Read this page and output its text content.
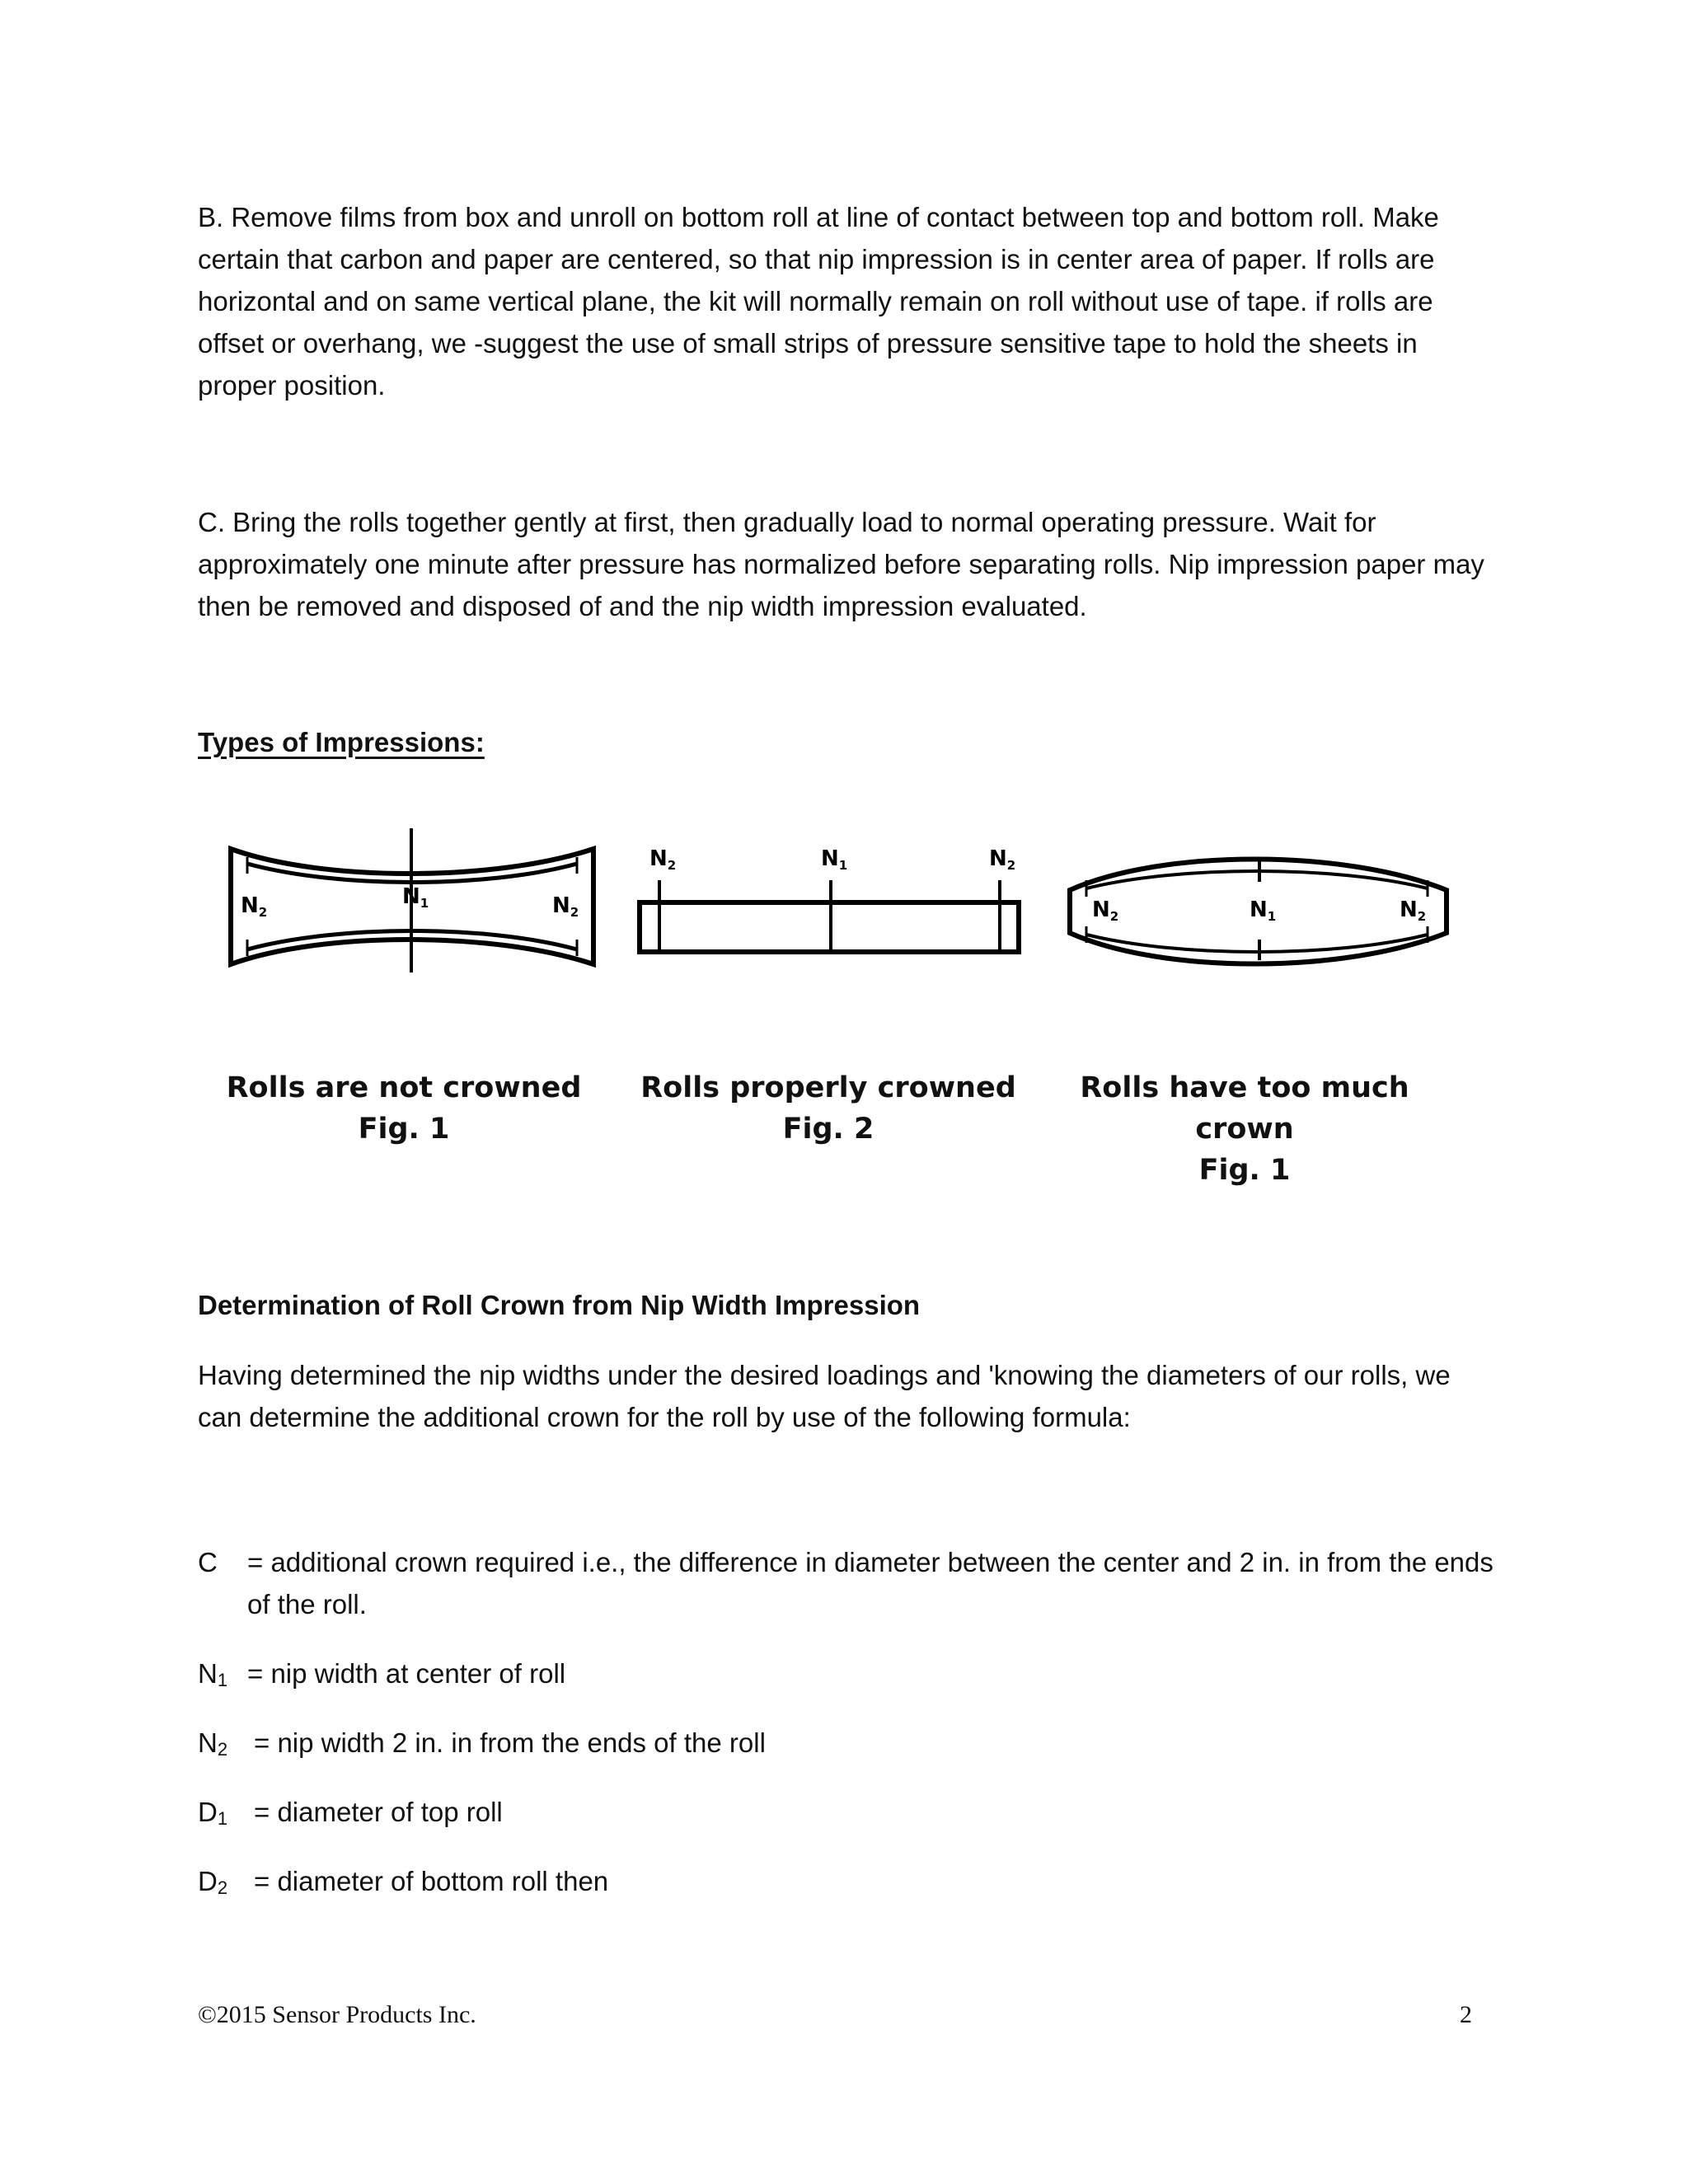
B. Remove films from box and unroll on bottom roll at line of contact between top and bottom roll. Make certain that carbon and paper are centered, so that nip impression is in center area of paper. If rolls are horizontal and on same vertical plane, the kit will normally remain on roll without use of tape. if rolls are offset or overhang, we -suggest the use of small strips of pressure sensitive tape to hold the sheets in proper position.
C. Bring the rolls together gently at first, then gradually load to normal operating pressure. Wait for approximately one minute after pressure has normalized before separating rolls. Nip impression paper may then be removed and disposed of and the nip width impression evaluated.
Types of Impressions:
N2
N1	N2
N2	N1	N2
N2	N1	N2
Rolls are not crowned
Fig. 1
Rolls properly crowned
Fig. 2
Rolls have too much crown
Fig. 1
Determination of Roll Crown from Nip Width Impression
Having determined the nip widths under the desired loadings and 'knowing the diameters of our rolls, we can determine the additional crown for the roll by use of the following formula:
C = additional crown required i.e., the difference in diameter between the center and 2 in. in from the ends of the roll.
$N_1$ = nip width at center of roll
$N_2$ = nip width 2 in. in from the ends of the roll
$D_1$ = diameter of top roll
$D_2$ = diameter of bottom roll then
©2015 Sensor Products Inc.	2
